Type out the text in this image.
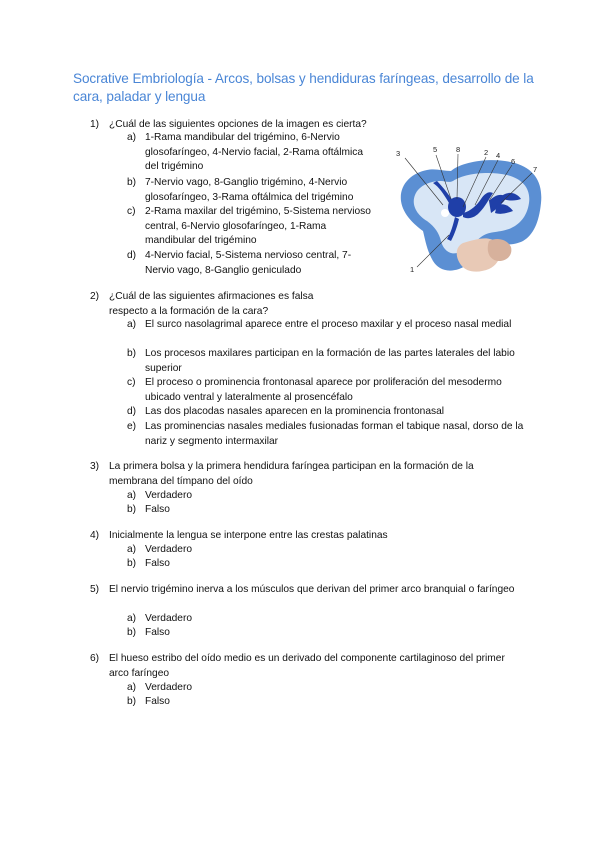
Socrative Embriología - Arcos, bolsas y hendiduras faríngeas, desarrollo de la cara, paladar y lengua
1) ¿Cuál de las siguientes opciones de la imagen es cierta?
a) 1-Rama mandibular del trigémino, 6-Nervio glosofaríngeo, 4-Nervio facial, 2-Rama oftálmica del trigémino
b) 7-Nervio vago, 8-Ganglio trigémino, 4-Nervio glosofaríngeo, 3-Rama oftálmica del trigémino
c) 2-Rama maxilar del trigémino, 5-Sistema nervioso central, 6-Nervio glosofaríngeo, 1-Rama mandibular del trigémino
d) 4-Nervio facial, 5-Sistema nervioso central, 7-Nervio vago, 8-Ganglio geniculado
3	5	8	2 4
6
7
1
2) ¿Cuál de las siguientes afirmaciones es falsa respecto a la formación de la cara?
a) El surco nasolagrimal aparece entre el proceso maxilar y el proceso nasal medial
b) Los procesos maxilares participan en la formación de las partes laterales del labio superior
c) El proceso o prominencia frontonasal aparece por proliferación del mesodermo ubicado ventral y lateralmente al prosencéfalo
d) Las dos placodas nasales aparecen en la prominencia frontonasal
e) Las prominencias nasales mediales fusionadas forman el tabique nasal, dorso de la nariz y segmento intermaxilar
3) La primera bolsa y la primera hendidura faríngea participan en la formación de la membrana del tímpano del oído
a) Verdadero
b) Falso
4) Inicialmente la lengua se interpone entre las crestas palatinas
a) Verdadero
b) Falso
5) El nervio trigémino inerva a los músculos que derivan del primer arco branquial o faríngeo
a) Verdadero
b) Falso
6) El hueso estribo del oído medio es un derivado del componente cartilaginoso del primer arco faríngeo
a) Verdadero
b) Falso
